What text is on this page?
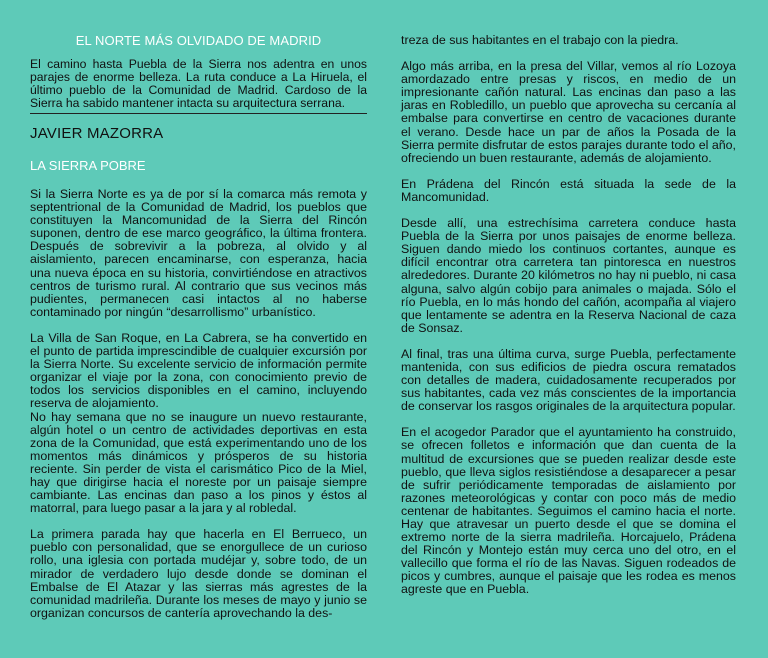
EL NORTE MÁS OLVIDADO DE MADRID

El camino hasta Puebla de la Sierra nos adentra en unos parajes de enorme belleza. La ruta conduce a La Hiruela, el último pueblo de la Comunidad de Madrid. Cardoso de la Sierra ha sabido mantener intacta su arquitectura serrana.

JAVIER MAZORRA
LA SIERRA POBRE

Si la Sierra Norte es ya de por sí la comarca más remota y septentrional de la Comunidad de Madrid, los pueblos que constituyen la Mancomunidad de la Sierra del Rincón suponen, dentro de ese marco geográfico, la última frontera. Después de sobrevivir a la pobreza, al olvido y al aislamiento, parecen encaminarse, con esperanza, hacia una nueva época en su historia, convirtiéndose en atractivos centros de turismo rural. Al contrario que sus vecinos más pudientes, permanecen casi intactos al no haberse contaminado por ningún “desarrollismo” urbanístico.

La Villa de San Roque, en La Cabrera, se ha convertido en el punto de partida imprescindible de cualquier excursión por la Sierra Norte. Su excelente servicio de información permite organizar el viaje por la zona, con conocimiento previo de todos los servicios disponibles en el camino, incluyendo reserva de alojamiento.

No hay semana que no se inaugure un nuevo restaurante, algún hotel o un centro de actividades deportivas en esta zona de la Comunidad, que está experimentando uno de los momentos más dinámicos y prósperos de su historia reciente. Sin perder de vista el carismático Pico de la Miel, hay que dirigirse hacia el noreste por un paisaje siempre cambiante. Las encinas dan paso a los pinos y éstos al matorral, para luego pasar a la jara y al robledal.

La primera parada hay que hacerla en El Berrueco, un pueblo con personalidad, que se enorgullece de un curioso rollo, una iglesia con portada mudéjar y, sobre todo, de un mirador de verdadero lujo desde donde se dominan el Embalse de El Atazar y las sierras más agrestes de la comunidad madrileña. Durante los meses de mayo y junio se organizan concursos de cantería aprovechando la des-

treza de sus habitantes en el trabajo con la piedra.

Algo más arriba, en la presa del Villar, vemos al río Lozoya amordazado entre presas y riscos, en medio de un impresionante cañón natural. Las encinas dan paso a las jaras en Robledillo, un pueblo que aprovecha su cercanía al embalse para convertirse en centro de vacaciones durante el verano. Desde hace un par de años la Posada de la Sierra permite disfrutar de estos parajes durante todo el año, ofreciendo un buen restaurante, además de alojamiento.

En Prádena del Rincón está situada la sede de la Mancomunidad.

Desde allí, una estrechísima carretera conduce hasta Puebla de la Sierra por unos paisajes de enorme belleza. Siguen dando miedo los continuos cortantes, aunque es difícil encontrar otra carretera tan pintoresca en nuestros alrededores. Durante 20 kilómetros no hay ni pueblo, ni casa alguna, salvo algún cobijo para animales o majada. Sólo el río Puebla, en lo más hondo del cañón, acompaña al viajero que lentamente se adentra en la Reserva Nacional de caza de Sonsaz.

Al final, tras una última curva, surge Puebla, perfectamente mantenida, con sus edificios de piedra oscura rematados con detalles de madera, cuidadosamente recuperados por sus habitantes, cada vez más conscientes de la importancia de conservar los rasgos originales de la arquitectura popular.

En el acogedor Parador que el ayuntamiento ha construido, se ofrecen folletos e información que dan cuenta de la multitud de excursiones que se pueden realizar desde este pueblo, que lleva siglos resistiéndose a desaparecer a pesar de sufrir periódicamente temporadas de aislamiento por razones meteorológicas y contar con poco más de medio centenar de habitantes. Seguimos el camino hacia el norte. Hay que atravesar un puerto desde el que se domina el extremo norte de la sierra madrileña. Horcajuelo, Prádena del Rincón y Montejo están muy cerca uno del otro, en el vallecillo que forma el río de las Navas. Siguen rodeados de picos y cumbres, aunque el paisaje que les rodea es menos agreste que en Puebla.
